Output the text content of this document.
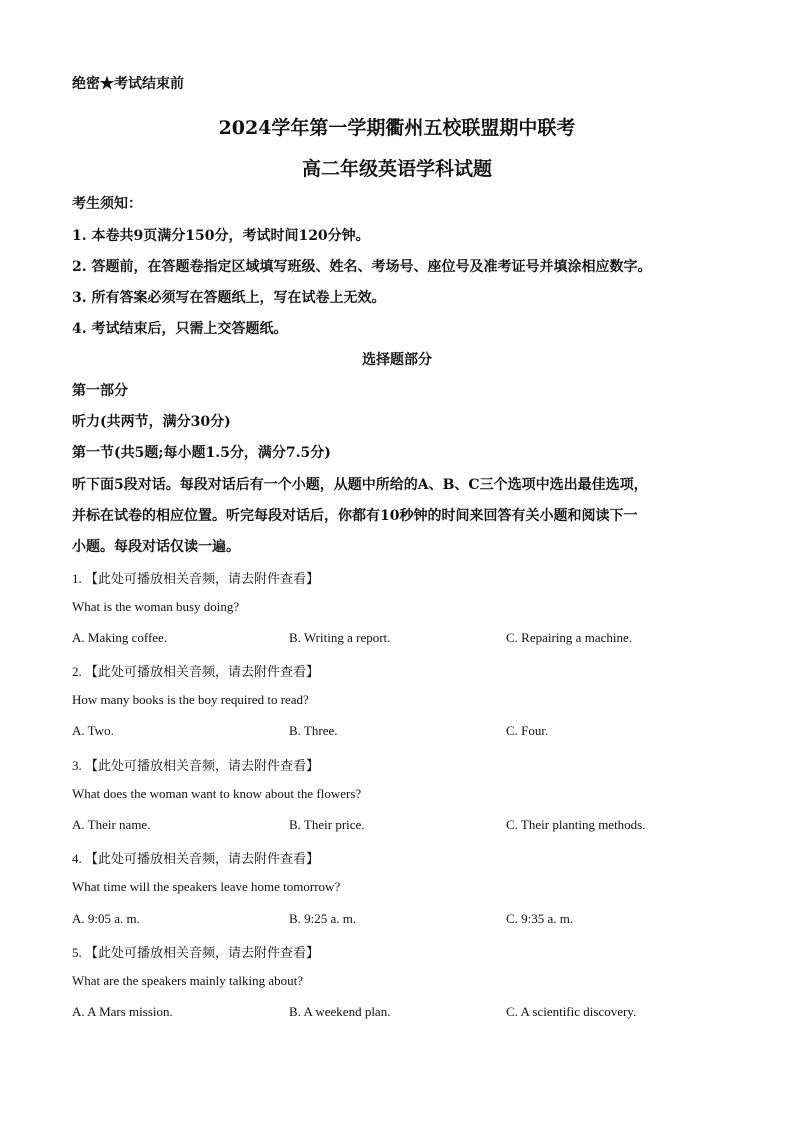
绝密★考试结束前
2024学年第一学期衢州五校联盟期中联考
高二年级英语学科试题
考生须知：
1. 本卷共9页满分150分，考试时间120分钟。
2. 答题前，在答题卷指定区域填写班级、姓名、考场号、座位号及准考证号并填涂相应数字。
3. 所有答案必须写在答题纸上，写在试卷上无效。
4. 考试结束后，只需上交答题纸。
选择题部分
第一部分
听力(共两节，满分30分)
第一节(共5题;每小题1.5分，满分7.5分)
听下面5段对话。每段对话后有一个小题，从题中所给的A、B、C三个选项中选出最佳选项，
并标在试卷的相应位置。听完每段对话后，你都有10秒钟的时间来回答有关小题和阅读下一
小题。每段对话仅读一遍。
1. 【此处可播放相关音频，请去附件查看】
What is the woman busy doing?
A. Making coffee.	B. Writing a report.	C. Repairing a machine.
2. 【此处可播放相关音频，请去附件查看】
How many books is the boy required to read?
A. Two.	B. Three.	C. Four.
3. 【此处可播放相关音频，请去附件查看】
What does the woman want to know about the flowers?
A. Their name.	B. Their price.	C. Their planting methods.
4. 【此处可播放相关音频，请去附件查看】
What time will the speakers leave home tomorrow?
A. 9:05 a. m.	B. 9:25 a. m.	C. 9:35 a. m.
5. 【此处可播放相关音频，请去附件查看】
What are the speakers mainly talking about?
A. A Mars mission.	B. A weekend plan.	C. A scientific discovery.
